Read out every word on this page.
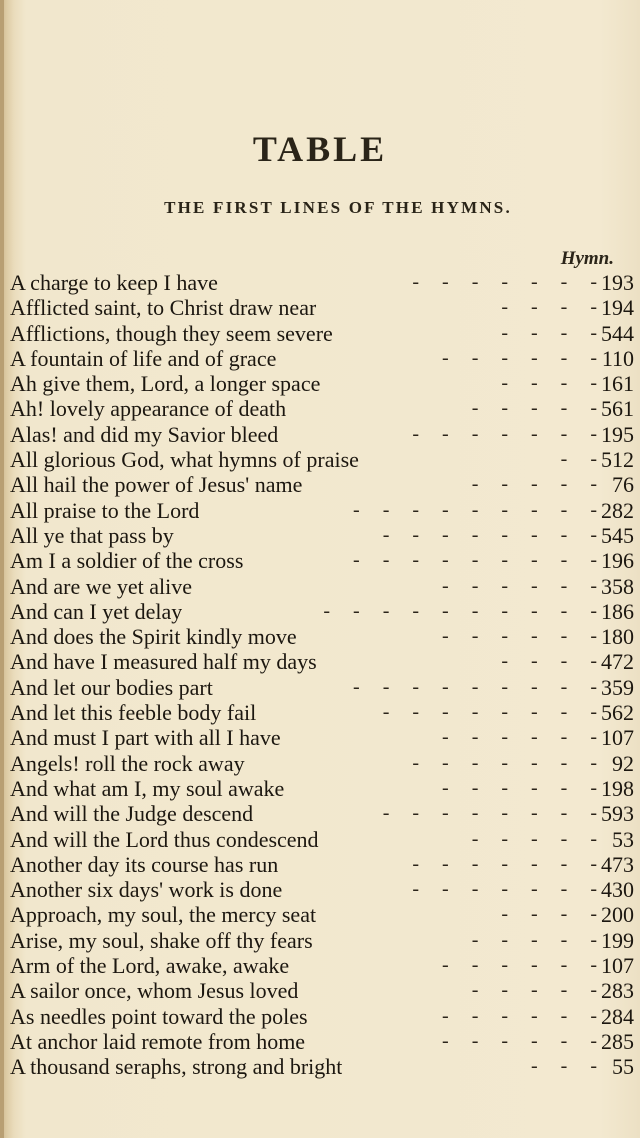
TABLE
THE FIRST LINES OF THE HYMNS.
Hymn.
- - - - - - -
A charge to keep I have	193
- - - -
Afflicted saint, to Christ draw near	194
- - - -
Afflictions, though they seem severe	544
- - - - - -
A fountain of life and of grace	110
- - - -
Ah give them, Lord, a longer space	161
- - - - -
Ah! lovely appearance of death	561
- - - - - - -
Alas! and did my Savior bleed	195
- -
All glorious God, what hymns of praise	512
- - - - -
All hail the power of Jesus' name	76
- - - - - - - - -
All praise to the Lord	282
- - - - - - - -
All ye that pass by	545
- - - - - - - - -
Am I a soldier of the cross	196
- - - - - -
And are we yet alive	358
- - - - - - - - - -
And can I yet delay	186
- - - - - -
And does the Spirit kindly move	180
- - - -
And have I measured half my days	472
- - - - - - - - -
And let our bodies part	359
- - - - - - - -
And let this feeble body fail	562
- - - - - -
And must I part with all I have	107
- - - - - - -
Angels! roll the rock away	92
- - - - - -
And what am I, my soul awake	198
- - - - - - - -
And will the Judge descend	593
- - - - -
And will the Lord thus condescend	53
- - - - - - -
Another day its course has run	473
- - - - - - -
Another six days' work is done	430
- - - -
Approach, my soul, the mercy seat	200
- - - - -
Arise, my soul, shake off thy fears	199
- - - - - -
Arm of the Lord, awake, awake	107
- - - - -
A sailor once, whom Jesus loved	283
- - - - - -
As needles point toward the poles	284
- - - - - -
At anchor laid remote from home	285
- - -
A thousand seraphs, strong and bright	55
